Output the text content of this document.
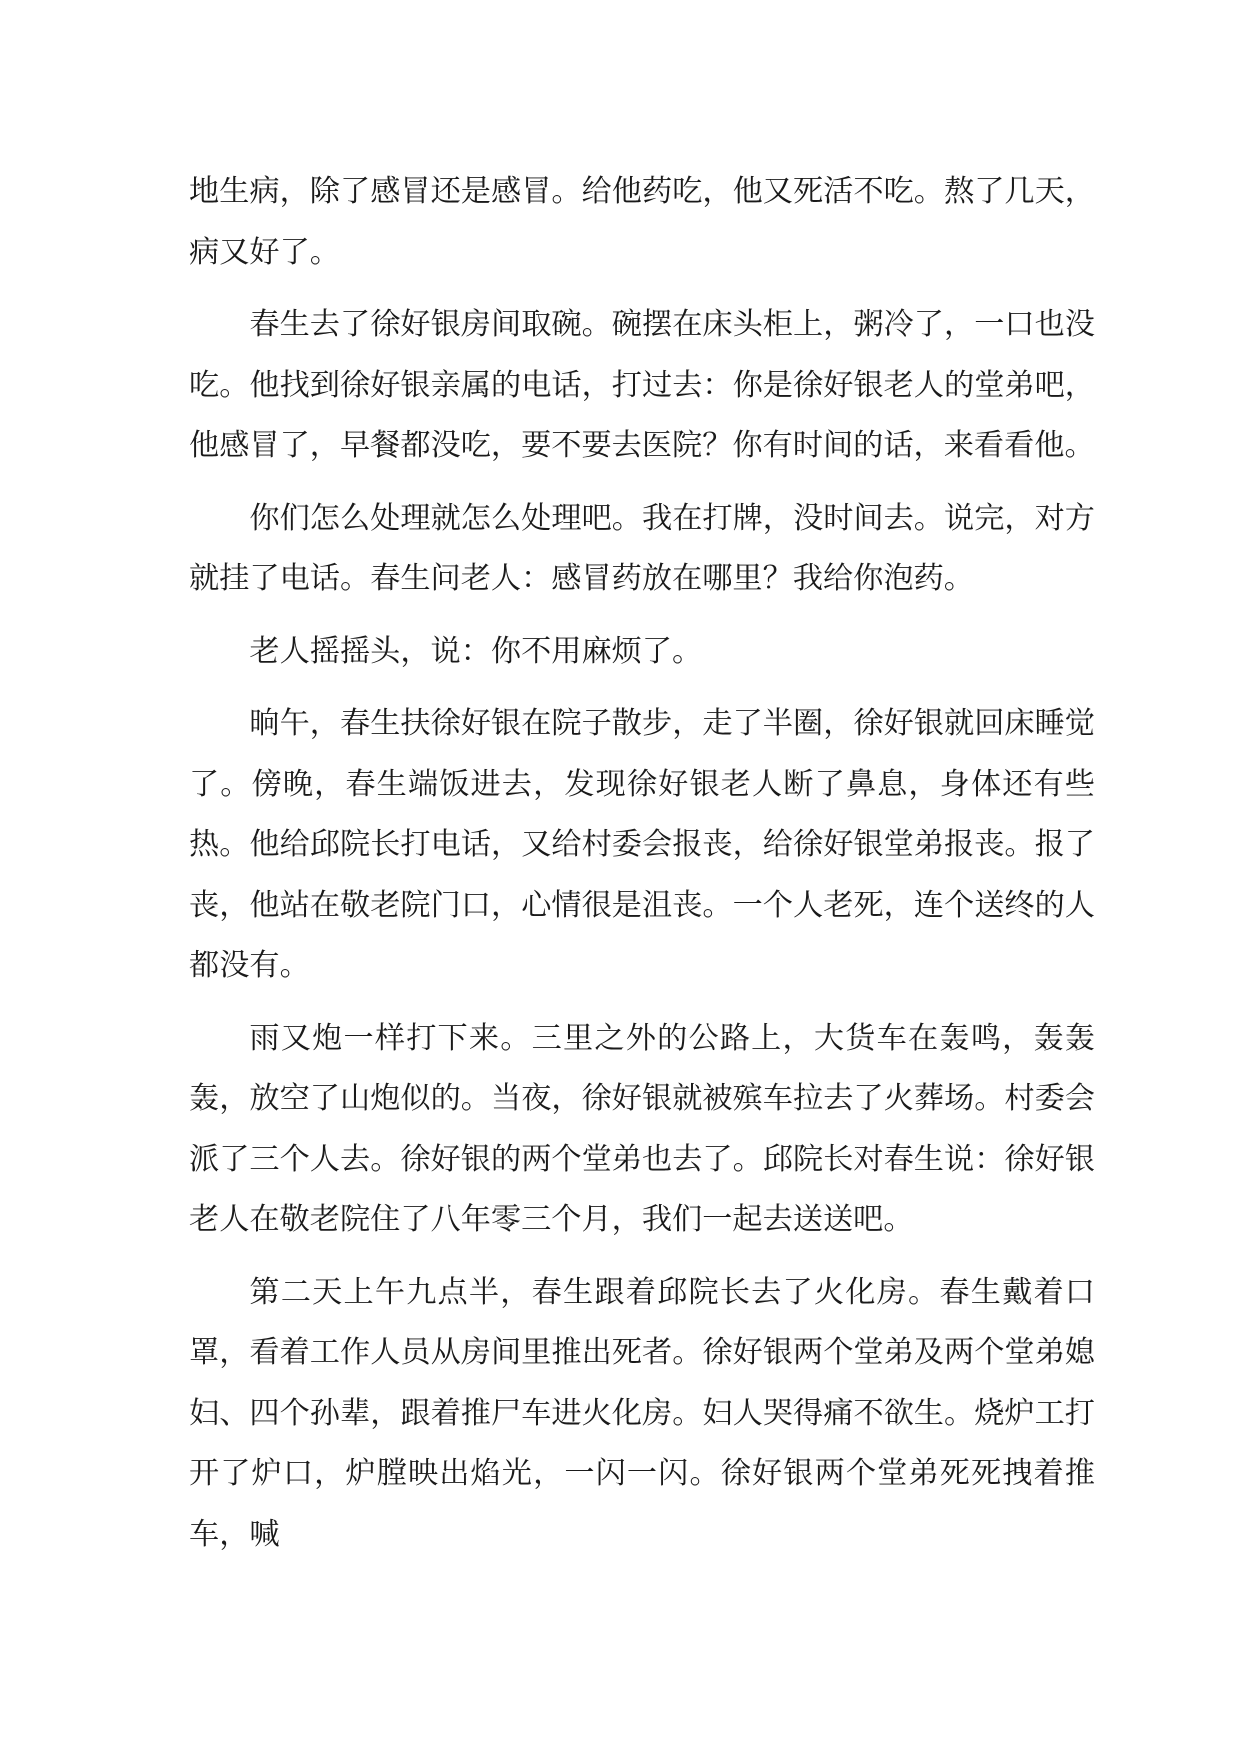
地生病，除了感冒还是感冒。给他药吃，他又死活不吃。熬了几天，病又好了。

春生去了徐好银房间取碗。碗摆在床头柜上，粥冷了，一口也没吃。他找到徐好银亲属的电话，打过去：你是徐好银老人的堂弟吧，他感冒了，早餐都没吃，要不要去医院？你有时间的话，来看看他。

你们怎么处理就怎么处理吧。我在打牌，没时间去。说完，对方就挂了电话。春生问老人：感冒药放在哪里？我给你泡药。

老人摇摇头，说：你不用麻烦了。

晌午，春生扶徐好银在院子散步，走了半圈，徐好银就回床睡觉了。傍晚，春生端饭进去，发现徐好银老人断了鼻息，身体还有些热。他给邱院长打电话，又给村委会报丧，给徐好银堂弟报丧。报了丧，他站在敬老院门口，心情很是沮丧。一个人老死，连个送终的人都没有。

雨又炮一样打下来。三里之外的公路上，大货车在轰鸣，轰轰轰，放空了山炮似的。当夜，徐好银就被殡车拉去了火葬场。村委会派了三个人去。徐好银的两个堂弟也去了。邱院长对春生说：徐好银老人在敬老院住了八年零三个月，我们一起去送送吧。

第二天上午九点半，春生跟着邱院长去了火化房。春生戴着口罩，看着工作人员从房间里推出死者。徐好银两个堂弟及两个堂弟媳妇、四个孙辈，跟着推尸车进火化房。妇人哭得痛不欲生。烧炉工打开了炉口，炉膛映出焰光，一闪一闪。徐好银两个堂弟死死拽着推车，喊
